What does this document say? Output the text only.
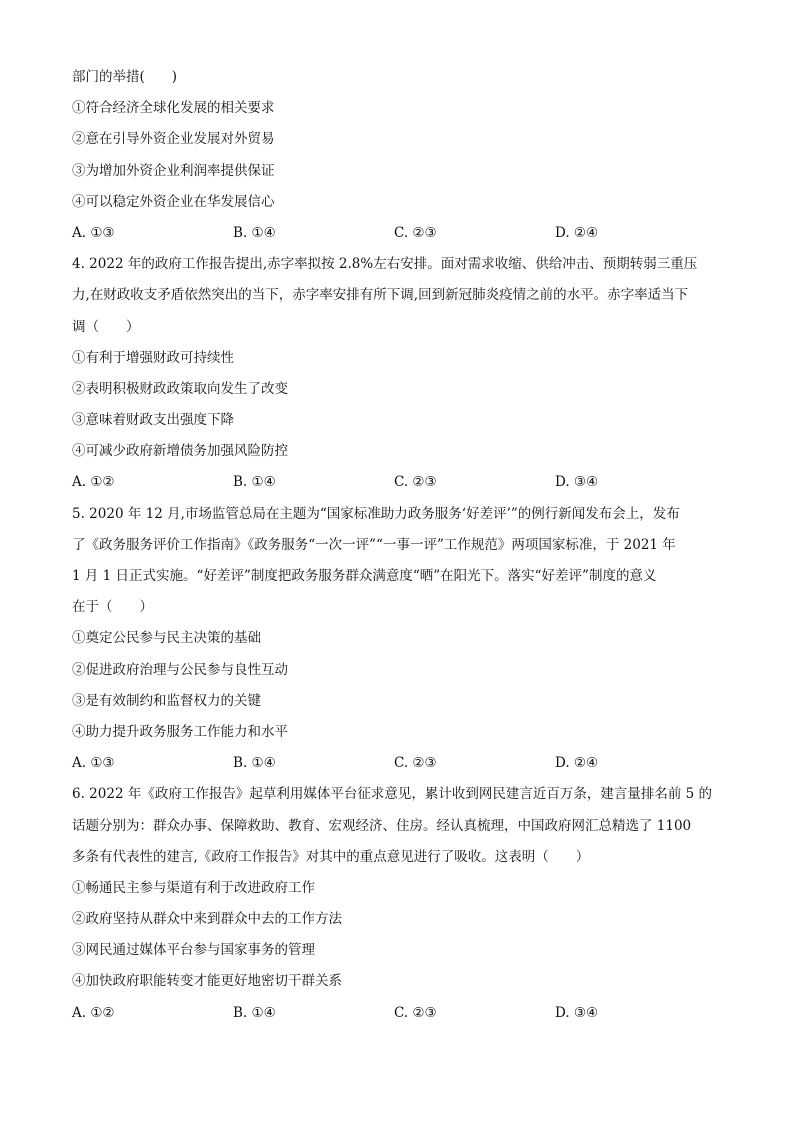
部门的举措(　　)
①符合经济全球化发展的相关要求
②意在引导外资企业发展对外贸易
③为增加外资企业利润率提供保证
④可以稳定外资企业在华发展信心
A. ①③	B. ①④	C. ②③	D. ②④
4. 2022 年的政府工作报告提出,赤字率拟按 2.8%左右安排。面对需求收缩、供给冲击、预期转弱三重压
力,在财政收支矛盾依然突出的当下，赤字率安排有所下调,回到新冠肺炎疫情之前的水平。赤字率适当下
调（　　）
①有利于增强财政可持续性
②表明积极财政政策取向发生了改变
③意味着财政支出强度下降
④可减少政府新增债务加强风险防控
A. ①②	B. ①④	C. ②③	D. ③④
5. 2020 年 12 月,市场监管总局在主题为“国家标准助力政务服务‘好差评’”的例行新闻发布会上，发布
了《政务服务评价工作指南》《政务服务“一次一评”“一事一评”工作规范》两项国家标准，于 2021 年
1 月 1 日正式实施。“好差评”制度把政务服务群众满意度“晒”在阳光下。落实“好差评”制度的意义
在于（　　）
①奠定公民参与民主决策的基础
②促进政府治理与公民参与良性互动
③是有效制约和监督权力的关键
④助力提升政务服务工作能力和水平
A. ①③	B. ①④	C. ②③	D. ②④
6. 2022 年《政府工作报告》起草利用媒体平台征求意见，累计收到网民建言近百万条，建言量排名前 5 的
话题分别为：群众办事、保障救助、教育、宏观经济、住房。经认真梳理，中国政府网汇总精选了 1100
多条有代表性的建言,《政府工作报告》对其中的重点意见进行了吸收。这表明（　　）
①畅通民主参与渠道有利于改进政府工作
②政府坚持从群众中来到群众中去的工作方法
③网民通过媒体平台参与国家事务的管理
④加快政府职能转变才能更好地密切干群关系
A. ①②	B. ①④	C. ②③	D. ③④
